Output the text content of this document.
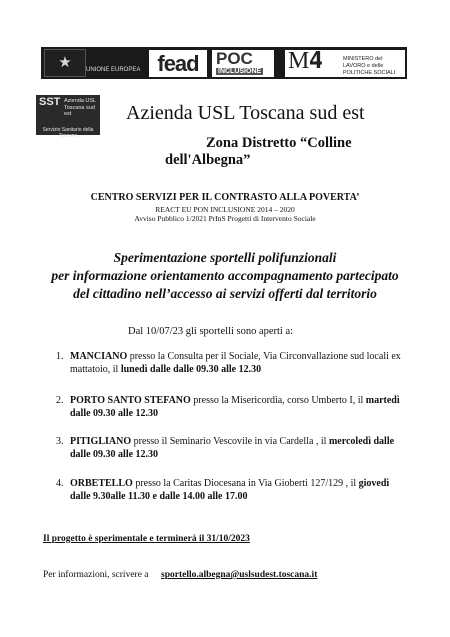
★	UNIONE EUROPEA fead	POC
INCLUSIONE M𝟒	MINISTERO del LAVORO e delle POLITICHE SOCIALI
SST Azienda USL Toscana sud est
Servizio Sanitario della Toscana
Azienda USL Toscana sud est
Zona Distretto “Colline
dell'Albegna”
CENTRO SERVIZI PER IL CONTRASTO ALLA POVERTA’
REACT EU PON INCLUSIONE 2014 – 2020
Avviso Pubblico 1/2021 PrInS Progetti di Intervento Sociale
Sperimentazione sportelli polifunzionali
per informazione orientamento accompagnamento partecipato
del cittadino nell’accesso ai servizi offerti dal territorio
Dal 10/07/23 gli sportelli sono aperti a:
1. MANCIANO presso la Consulta per il Sociale, Via Circonvallazione sud locali ex mattatoio, il lunedì dalle dalle 09.30 alle 12.30
2. PORTO SANTO STEFANO presso la Misericordia, corso Umberto I, il martedì dalle 09.30 alle 12.30
3. PITIGLIANO presso il Seminario Vescovile in via Cardella , il mercoledì dalle dalle 09.30 alle 12.30
4. ORBETELLO presso la Caritas Diocesana in Via Gioberti 127/129 , il giovedì dalle 9.30alle 11.30 e dalle 14.00 alle 17.00
Il progetto è sperimentale e terminerà il 31/10/2023
Per informazioni, scrivere a sportello.albegna@uslsudest.toscana.it
